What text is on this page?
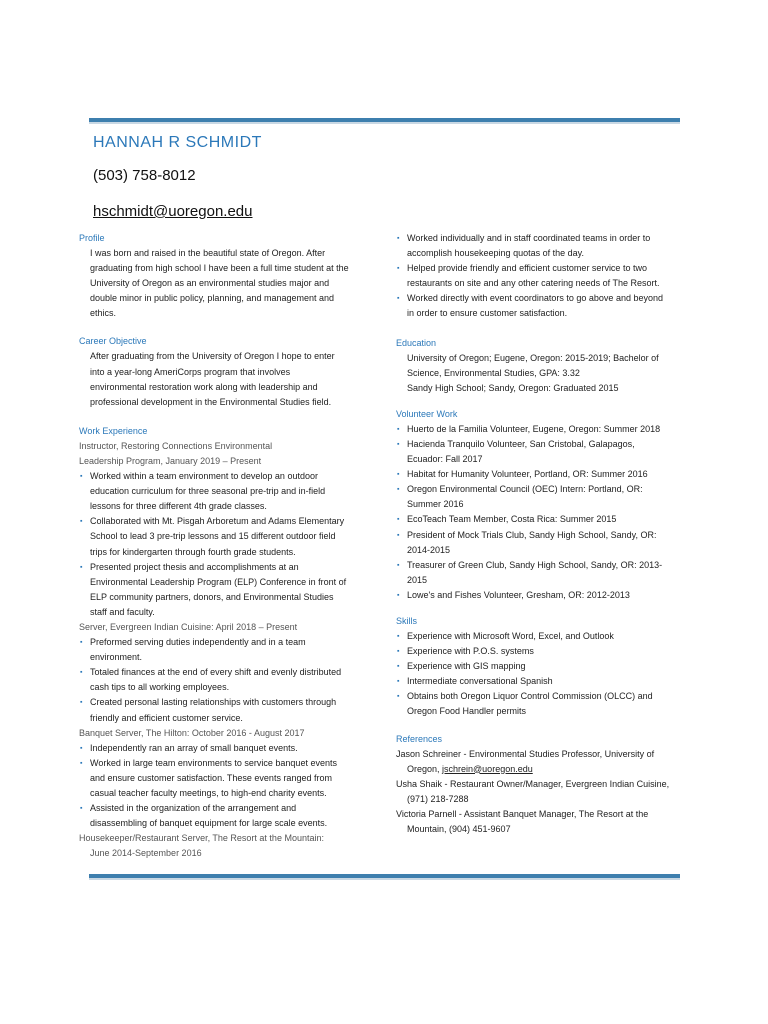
HANNAH R SCHMIDT
(503) 758-8012
hschmidt@uoregon.edu
Profile
I was born and raised in the beautiful state of Oregon. After
graduating from high school I have been a full time student at the
University of Oregon as an environmental studies major and
double minor in public policy, planning, and management and
ethics.
Career Objective
After graduating from the University of Oregon I hope to enter
into a year-long AmeriCorps program that involves
environmental restoration work along with leadership and
professional development in the Environmental Studies field.
Work Experience
Instructor, Restoring Connections Environmental
Leadership Program, January 2019 – Present
▪ Worked within a team environment to develop an outdoor
education curriculum for three seasonal pre-trip and in-field
lessons for three different 4th grade classes.
▪ Collaborated with Mt. Pisgah Arboretum and Adams Elementary
School to lead 3 pre-trip lessons and 15 different outdoor field
trips for kindergarten through fourth grade students.
▪ Presented project thesis and accomplishments at an
Environmental Leadership Program (ELP) Conference in front of
ELP community partners, donors, and Environmental Studies
staff and faculty.
Server, Evergreen Indian Cuisine: April 2018 – Present
▪ Preformed serving duties independently and in a team
environment.
▪ Totaled finances at the end of every shift and evenly distributed
cash tips to all working employees.
▪ Created personal lasting relationships with customers through
friendly and efficient customer service.
Banquet Server, The Hilton: October 2016 - August 2017
▪ Independently ran an array of small banquet events.
▪ Worked in large team environments to service banquet events
and ensure customer satisfaction. These events ranged from
casual teacher faculty meetings, to high-end charity events.
▪ Assisted in the organization of the arrangement and
disassembling of banquet equipment for large scale events.
Housekeeper/Restaurant Server, The Resort at the Mountain:
June 2014-September 2016
▪ Worked individually and in staff coordinated teams in order to
accomplish housekeeping quotas of the day.
▪ Helped provide friendly and efficient customer service to two
restaurants on site and any other catering needs of The Resort.
▪ Worked directly with event coordinators to go above and beyond
in order to ensure customer satisfaction.
Education
University of Oregon; Eugene, Oregon: 2015-2019; Bachelor of
Science, Environmental Studies, GPA: 3.32
Sandy High School; Sandy, Oregon: Graduated 2015
Volunteer Work
▪ Huerto de la Familia Volunteer, Eugene, Oregon: Summer 2018
▪ Hacienda Tranquilo Volunteer, San Cristobal, Galapagos,
Ecuador: Fall 2017
▪ Habitat for Humanity Volunteer, Portland, OR: Summer 2016
▪ Oregon Environmental Council (OEC) Intern: Portland, OR:
Summer 2016
▪ EcoTeach Team Member, Costa Rica: Summer 2015
▪ President of Mock Trials Club, Sandy High School, Sandy, OR:
2014-2015
▪ Treasurer of Green Club, Sandy High School, Sandy, OR: 2013-
2015
▪ Lowe's and Fishes Volunteer, Gresham, OR: 2012-2013
Skills
▪ Experience with Microsoft Word, Excel, and Outlook
▪ Experience with P.O.S. systems
▪ Experience with GIS mapping
▪ Intermediate conversational Spanish
▪ Obtains both Oregon Liquor Control Commission (OLCC) and
Oregon Food Handler permits
References
Jason Schreiner - Environmental Studies Professor, University of
Oregon, jschrein@uoregon.edu
Usha Shaik - Restaurant Owner/Manager, Evergreen Indian Cuisine,
(971) 218-7288
Victoria Parnell - Assistant Banquet Manager, The Resort at the
Mountain, (904) 451-9607
